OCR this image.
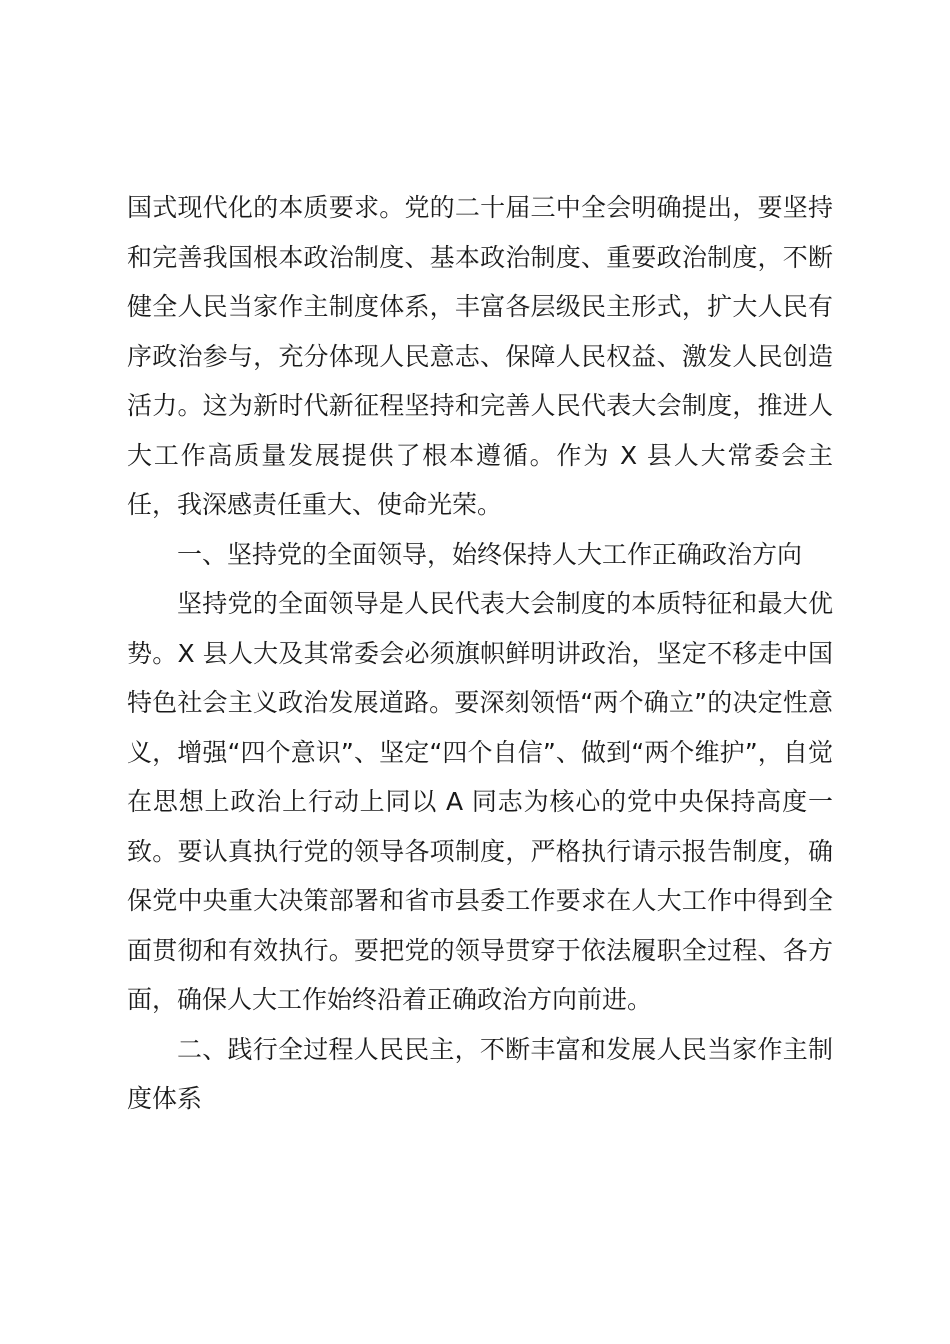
国式现代化的本质要求。党的二十届三中全会明确提出，要坚持和完善我国根本政治制度、基本政治制度、重要政治制度，不断健全人民当家作主制度体系，丰富各层级民主形式，扩大人民有序政治参与，充分体现人民意志、保障人民权益、激发人民创造活力。这为新时代新征程坚持和完善人民代表大会制度，推进人大工作高质量发展提供了根本遵循。作为 X 县人大常委会主任，我深感责任重大、使命光荣。

一、坚持党的全面领导，始终保持人大工作正确政治方向

坚持党的全面领导是人民代表大会制度的本质特征和最大优势。X 县人大及其常委会必须旗帜鲜明讲政治，坚定不移走中国特色社会主义政治发展道路。要深刻领悟“两个确立”的决定性意义，增强“四个意识”、坚定“四个自信”、做到“两个维护”，自觉在思想上政治上行动上同以 A 同志为核心的党中央保持高度一致。要认真执行党的领导各项制度，严格执行请示报告制度，确保党中央重大决策部署和省市县委工作要求在人大工作中得到全面贯彻和有效执行。要把党的领导贯穿于依法履职全过程、各方面，确保人大工作始终沿着正确政治方向前进。

二、践行全过程人民民主，不断丰富和发展人民当家作主制度体系
